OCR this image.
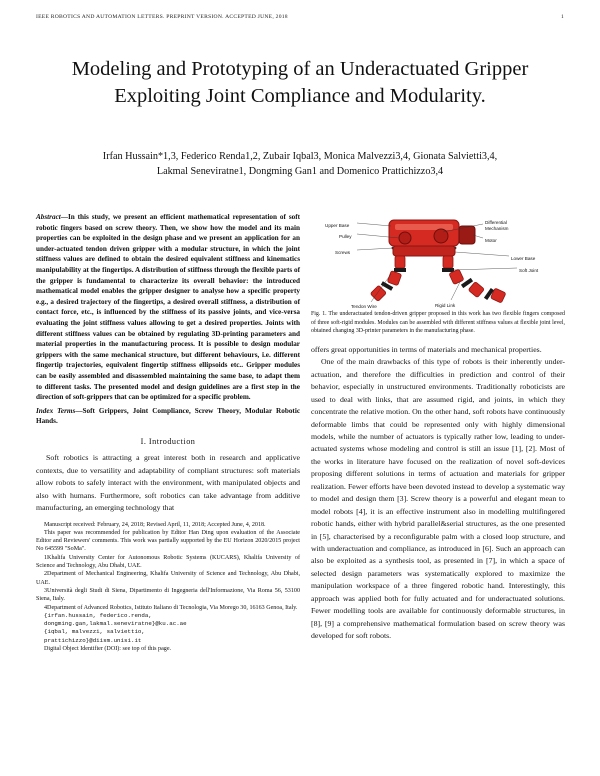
IEEE ROBOTICS AND AUTOMATION LETTERS. PREPRINT VERSION. ACCEPTED JUNE, 2018	1
Modeling and Prototyping of an Underactuated Gripper Exploiting Joint Compliance and Modularity.
Irfan Hussain*1,3, Federico Renda1,2, Zubair Iqbal3, Monica Malvezzi3,4, Gionata Salvietti3,4,
Lakmal Seneviratne1, Dongming Gan1 and Domenico Prattichizzo3,4
Abstract—In this study, we present an efficient mathematical representation of soft robotic fingers based on screw theory. Then, we show how the model and its main properties can be exploited in the design phase and we present an application for an under-actuated tendon driven gripper with a modular structure, in which the joint stiffness values are defined to obtain the desired equivalent stiffness and kinematics manipulability at the fingertips. A distribution of stiffness through the flexible parts of the gripper is fundamental to characterize its overall behavior: the introduced mathematical model enables the gripper designer to analyse how a specific property e.g., a desired trajectory of the fingertips, a desired overall stiffness, a distribution of contact force, etc., is influenced by the stiffness of its passive joints, and vice-versa evaluating the joint stiffness values allowing to get a desired properties. Joints with different stiffness values can be obtained by regulating 3D-printing parameters and material properties in the manufacturing process. It is possible to design modular grippers with the same mechanical structure, but different behaviours, i.e. different fingertip trajectories, equivalent fingertip stiffness ellipsoids etc.. Gripper modules can be easily assembled and disassembled maintaining the same base, to adapt them to different tasks. The presented model and design guidelines are a first step in the direction of soft-grippers that can be optimized for a specific problem.
Index Terms—Soft Grippers, Joint Compliance, Screw Theory, Modular Robotic Hands.
I. Introduction
Soft robotics is attracting a great interest both in research and applicative contexts, due to versatility and adaptability of compliant structures: soft materials allow robots to safely interact with the environment, with manipulated objects and also with humans. Furthermore, soft robotics can take advantage from additive manufacturing, an emerging technology that

Manuscript received: February, 24, 2018; Revised April, 11, 2018; Accepted June, 4, 2018.

This paper was recommended for publication by Editor Han Ding upon evaluation of the Associate Editor and Reviewers' comments. This work was partially supported by the EU Horizon 2020/2015 project No 645599 "SoMa".

1Khalifa University Center for Autonomous Robotic Systems (KUCARS), Khalifa University of Science and Technology, Abu Dhabi, UAE.

2Department of Mechanical Engineering, Khalifa University of Science and Technology, Abu Dhabi, UAE.

3Università degli Studi di Siena, Dipartimento di Ingegneria dell'Informazione, Via Roma 56, 53100 Siena, Italy.

4Department of Advanced Robotics, Istituto Italiano di Tecnologia, Via Morego 30, 16163 Genoa, Italy.

{irfan.hussain, federico.renda,

dongming.gan,lakmal.seneviratne}@ku.ac.ae

{iqbal, malvezzi, salviettio,

prattichizzo}@diism.unisi.it

Digital Object Identifier (DOI): see top of this page.

Upper Base
Pulley
Screws
Differential
Mechanism
Motor
Lower Base
Soft Joint
Tendon Wire	Rigid Link
Fig. 1. The underactuated tendon-driven gripper proposed in this work has two flexible fingers composed of three soft-rigid modules. Modules can be assembled with different stiffness values at flexible joint level, obtained changing 3D-printer parameters in the manufacturing phase.
offers great opportunities in terms of materials and mechanical properties.
One of the main drawbacks of this type of robots is their inherently under-actuation, and therefore the difficulties in prediction and control of their behavior, especially in unstructured environments. Traditionally roboticists are used to deal with links, that are assumed rigid, and joints, in which they concentrate the relative motion. On the other hand, soft robots have continuously deformable limbs that could be represented only with highly dimensional models, while the number of actuators is typically rather low, leading to under-actuated systems whose modeling and control is still an issue [1], [2]. Most of the works in literature have focused on the realization of novel soft-devices proposing different solutions in terms of actuation and materials for gripper realization. Fewer efforts have been devoted instead to develop a systematic way to model and design them [3]. Screw theory is a powerful and elegant mean to model robots [4], it is an effective instrument also in modelling multifingered robotic hands, either with hybrid parallel&serial structures, as the one presented in [5], characterised by a reconfigurable palm with a closed loop structure, and with underactuation and compliance, as introduced in [6]. Such an approach can also be exploited as a synthesis tool, as presented in [7], in which a space of selected design parameters was systematically explored to maximize the manipulation workspace of a three fingered robotic hand. Interestingly, this approach was applied both for fully actuated and for underactuated solutions. Fewer modelling tools are available for continuously deformable structures, in [8], [9] a comprehensive mathematical formulation based on screw theory was developed for soft robots.
